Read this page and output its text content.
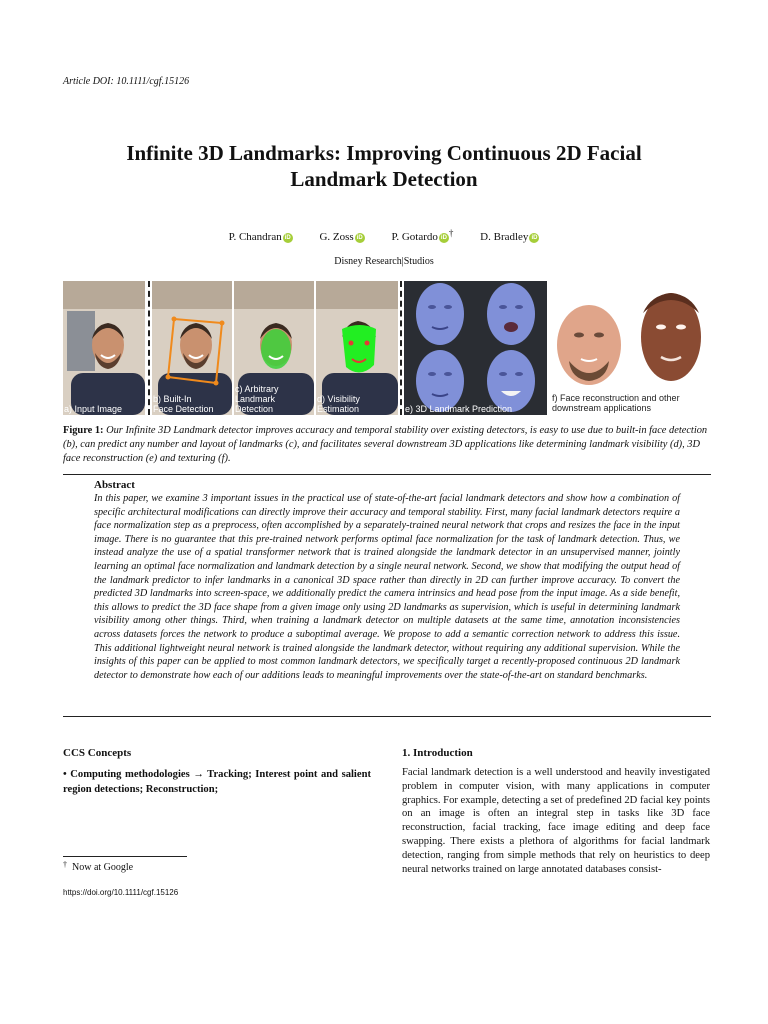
Article DOI: 10.1111/cgf.15126
Infinite 3D Landmarks: Improving Continuous 2D Facial
Landmark Detection
P. Chandran iD	G. Zoss iD	P. Gotardo iD † D. Bradley iD
Disney Research|Studios
a) Input Image
b) Built-In
Face Detection
c) Arbitrary
Landmark Detection
d) Visibility
Estimation	e) 3D Landmark Prediction
f) Face reconstruction and other
downstream applications
Figure 1: Our Infinite 3D Landmark detector improves accuracy and temporal stability over existing detectors, is easy to use due to built-in face detection (b), can predict any number and layout of landmarks (c), and facilitates several downstream 3D applications like determining landmark visibility (d), 3D face reconstruction (e) and texturing (f).
Abstract
In this paper, we examine 3 important issues in the practical use of state-of-the-art facial landmark detectors and show how a combination of specific architectural modifications can directly improve their accuracy and temporal stability. First, many facial landmark detectors require a face normalization step as a preprocess, often accomplished by a separately-trained neural network that crops and resizes the face in the input image. There is no guarantee that this pre-trained network performs optimal face normalization for the task of landmark detection. Thus, we instead analyze the use of a spatial transformer network that is trained alongside the landmark detector in an unsupervised manner, jointly learning an optimal face normalization and landmark detection by a single neural network. Second, we show that modifying the output head of the landmark predictor to infer landmarks in a canonical 3D space rather than directly in 2D can further improve accuracy. To convert the predicted 3D landmarks into screen-space, we additionally predict the camera intrinsics and head pose from the input image. As a side benefit, this allows to predict the 3D face shape from a given image only using 2D landmarks as supervision, which is useful in determining landmark visibility among other things. Third, when training a landmark detector on multiple datasets at the same time, annotation inconsistencies across datasets forces the network to produce a suboptimal average. We propose to add a semantic correction network to address this issue. This additional lightweight neural network is trained alongside the landmark detector, without requiring any additional supervision. While the insights of this paper can be applied to most common landmark detectors, we specifically target a recently-proposed continuous 2D landmark detector to demonstrate how each of our additions leads to meaningful improvements over the state-of-the-art on standard benchmarks.
CCS Concepts
• Computing methodologies → Tracking; Interest point and salient region detections; Reconstruction;
† Now at Google
https://doi.org/10.1111/cgf.15126
1. Introduction
Facial landmark detection is a well understood and heavily investigated problem in computer vision, with many applications in computer graphics. For example, detecting a set of predefined 2D facial key points on an image is often an integral step in tasks like 3D face reconstruction, facial tracking, face image editing and deep face swapping. There exists a plethora of algorithms for facial landmark detection, ranging from simple methods that rely on heuristics to deep neural networks trained on large annotated databases consist-
